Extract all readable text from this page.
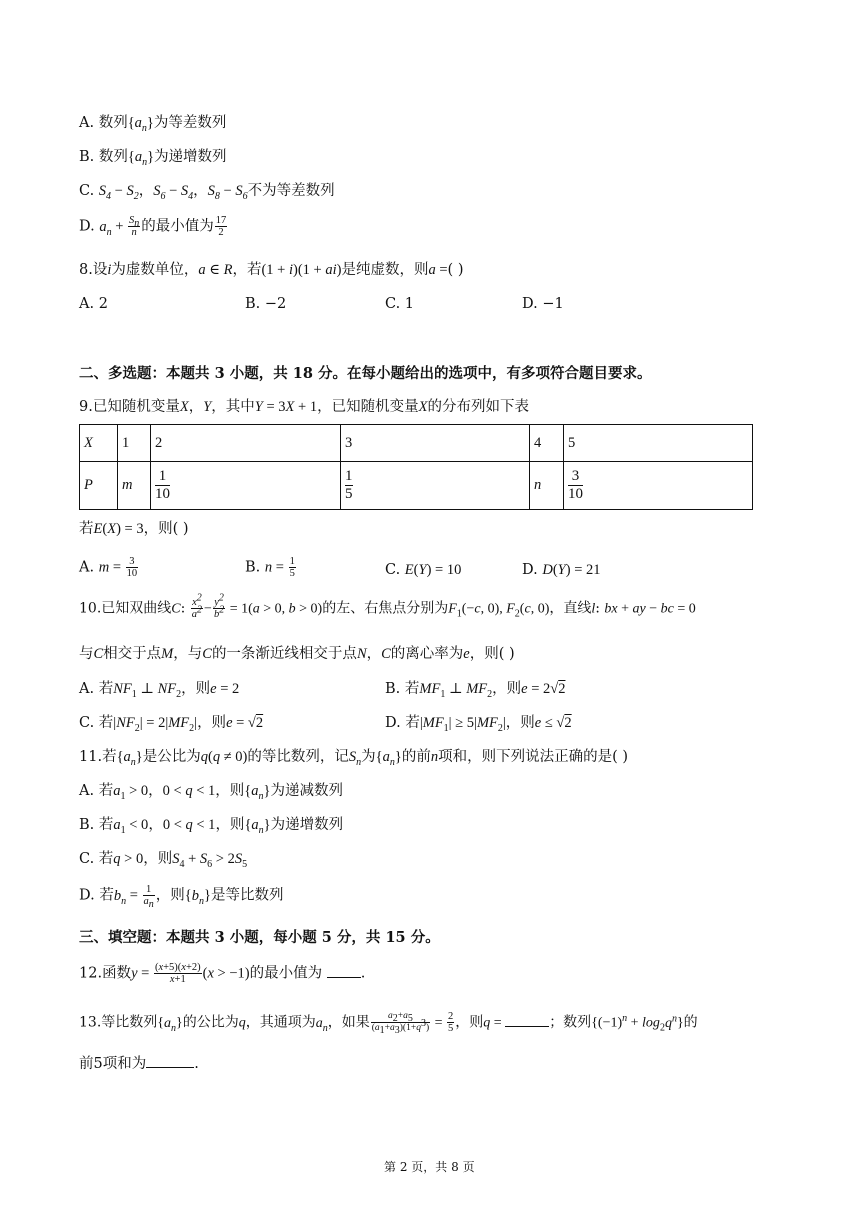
A. 数列$\{a_n\}$为等差数列
B. 数列$\{a_n\}$为递增数列
C. $S_4 - S_2$，$S_6 - S_4$，$S_8 - S_6$不为等差数列
D. $a_n + \frac{S_n}{n}$ 的最小值为 $\frac{17}{2}$
8.设i为虚数单位，a ∈ R，若(1 + i)(1 + ai)是纯虚数，则a =( )
A. 2	B. −2	C. 1	D. −1
二、多选题：本题共 3 小题，共 18 分。在每小题给出的选项中，有多项符合题目要求。
9.已知随机变量X，Y，其中Y = 3X + 1，已知随机变量X的分布列如下表
X	1	2	3	4	5
P	m	$\frac{1}{10}$	$\frac{1}{5}$	n	$\frac{3}{10}$
若E(X) = 3，则( )
A. $m = \frac{3}{10}$	B. $n = \frac{1}{5}$	C. E(Y) = 10	D. D(Y) = 21
10.已知双曲线C: $\frac{x^2}{a^2} - \frac{y^2}{b^2} = 1(a > 0$, b > 0)的左、右焦点分别为$F_1(-c$, 0), $F_2(c$, 0)，直线l: bx + ay − bc = 0
与C相交于点M，与C的一条渐近线相交于点N，C的离心率为e，则( )
A. 若$NF_1$ ⊥ $NF_2$，则e = 2	B. 若$MF_1$ ⊥ $MF_2$，则e = 2√2
C. 若$|NF_2| = 2|MF_2|$，则e = √2	D. 若$|MF_1| \ge 5|MF_2|$，则e ≤ √2
11.若$\{a_n\}$是公比为q(q ≠ 0)的等比数列，记$S_n$为$\{a_n\}$的前n项和，则下列说法正确的是( )
A. 若$a_1 > 0$，0 < q < 1，则$\{a_n\}$为递减数列
B. 若$a_1 < 0$，0 < q < 1，则$\{a_n\}$为递增数列
C. 若q > 0，则$S_4 + S_6 > 2S_5$
D. 若$b_n = \frac{1}{a_n}$ ，则$\{b_n\}$是等比数列
三、填空题：本题共 3 小题，每小题 5 分，共 15 分。
12.函数$y = \frac{(x+5)(x+2)}{x+1} (x > -1)$的最小值为	.
13.等比数列$\{a_n\}$的公比为q，其通项为$a_n$，如果 $\frac{a_2+a_5}{(a_1+a_3)(1+q^3)} = \frac{2}{5}$ ，则q =	；数列$\{(-1)^n + \log_2q^n\}$的
前5项和为	.
第 2 页，共 8 页
